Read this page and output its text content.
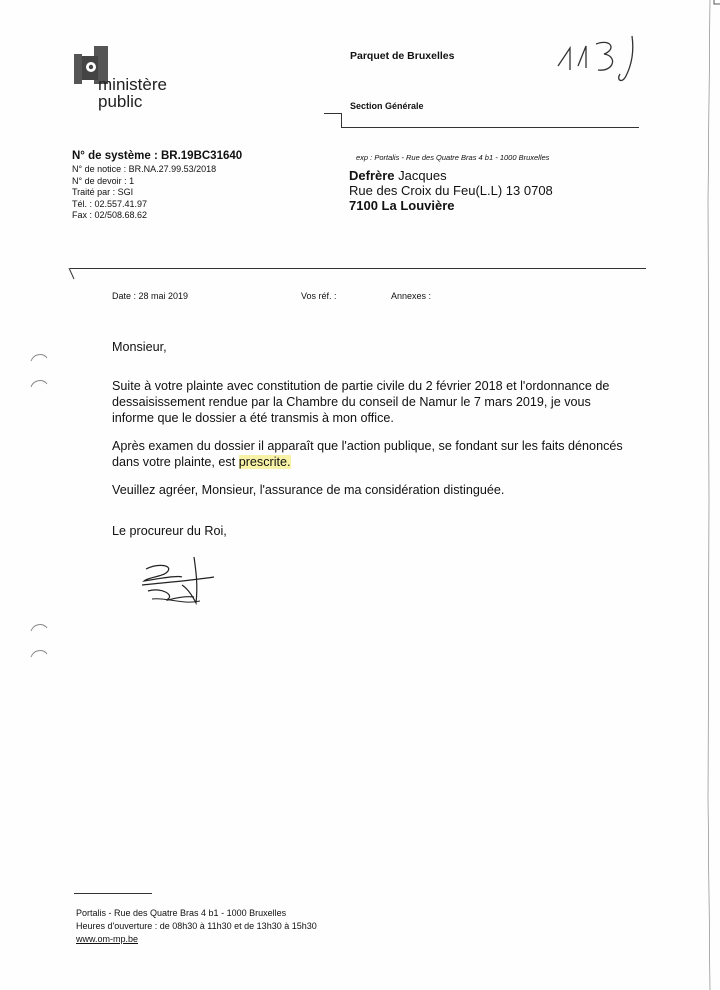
ministère
public
Parquet de Bruxelles
Section Générale
N° de système : BR.19BC31640
N° de notice : BR.NA.27.99.53/2018
N° de devoir : 1
Traité par : SGI
Tél. : 02.557.41.97
Fax : 02/508.68.62
exp : Portalis - Rue des Quatre Bras 4 b1 - 1000 Bruxelles
Defrère Jacques
Rue des Croix du Feu(L.L) 13 0708
7100 La Louvière
Date : 28 mai 2019	Vos réf. :	Annexes :
Monsieur,
Suite à votre plainte avec constitution de partie civile du 2 février 2018 et l'ordonnance de
dessaisissement rendue par la Chambre du conseil de Namur le 7 mars 2019, je vous
informe que le dossier a été transmis à mon office.
Après examen du dossier il apparaît que l'action publique, se fondant sur les faits dénoncés
dans votre plainte, est prescrite.
Veuillez agréer, Monsieur, l'assurance de ma considération distinguée.
Le procureur du Roi,
Portalis - Rue des Quatre Bras 4 b1 - 1000 Bruxelles
Heures d'ouverture : de 08h30 à 11h30 et de 13h30 à 15h30
www.om-mp.be
